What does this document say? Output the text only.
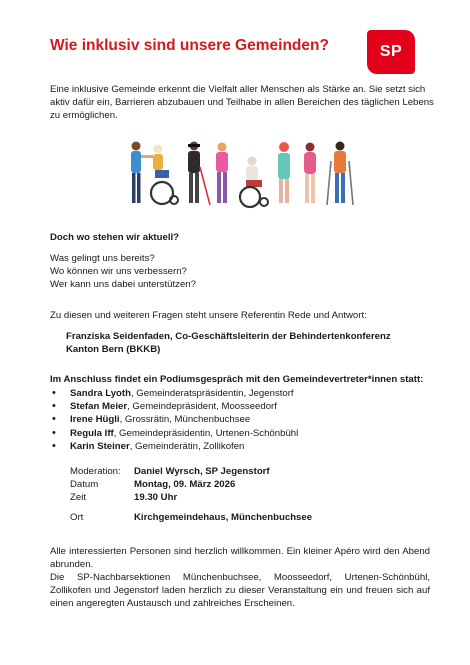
Wie inklusiv sind unsere Gemeinden?	SP
Eine inklusive Gemeinde erkennt die Vielfalt aller Menschen als Stärke an. Sie setzt sich aktiv dafür ein, Barrieren abzubauen und Teilhabe in allen Bereichen des täglichen Lebens zu ermöglichen.
Doch wo stehen wir aktuell?
Was gelingt uns bereits?
Wo können wir uns verbessern?
Wer kann uns dabei unterstützen?
Zu diesen und weiteren Fragen steht unsere Referentin Rede und Antwort:
Franziska Seidenfaden, Co-Geschäftsleiterin der Behindertenkonferenz
Kanton Bern (BKKB)
Im Anschluss findet ein Podiumsgespräch mit den Gemeindevertreter*innen statt:
• Sandra Lyoth, Gemeinderatspräsidentin, Jegenstorf
• Stefan Meier, Gemeindepräsident, Moosseedorf
• Irene Hügli, Grossrätin, Münchenbuchsee
• Regula Iff, Gemeindepräsidentin, Urtenen-Schönbühl
• Karin Steiner, Gemeinderätin, Zollikofen
Moderation:	Daniel Wyrsch, SP Jegenstorf
Datum	Montag, 09. März 2026
Zeit	19.30 Uhr
Ort	Kirchgemeindehaus, Münchenbuchsee
Alle interessierten Personen sind herzlich willkommen. Ein kleiner Apéro wird den Abend abrunden.
Die SP-Nachbarsektionen Münchenbuchsee, Moosseedorf, Urtenen-Schönbühl, Zollikofen und Jegenstorf laden herzlich zu dieser Veranstaltung ein und freuen sich auf einen angeregten Austausch und zahlreiches Erscheinen.
